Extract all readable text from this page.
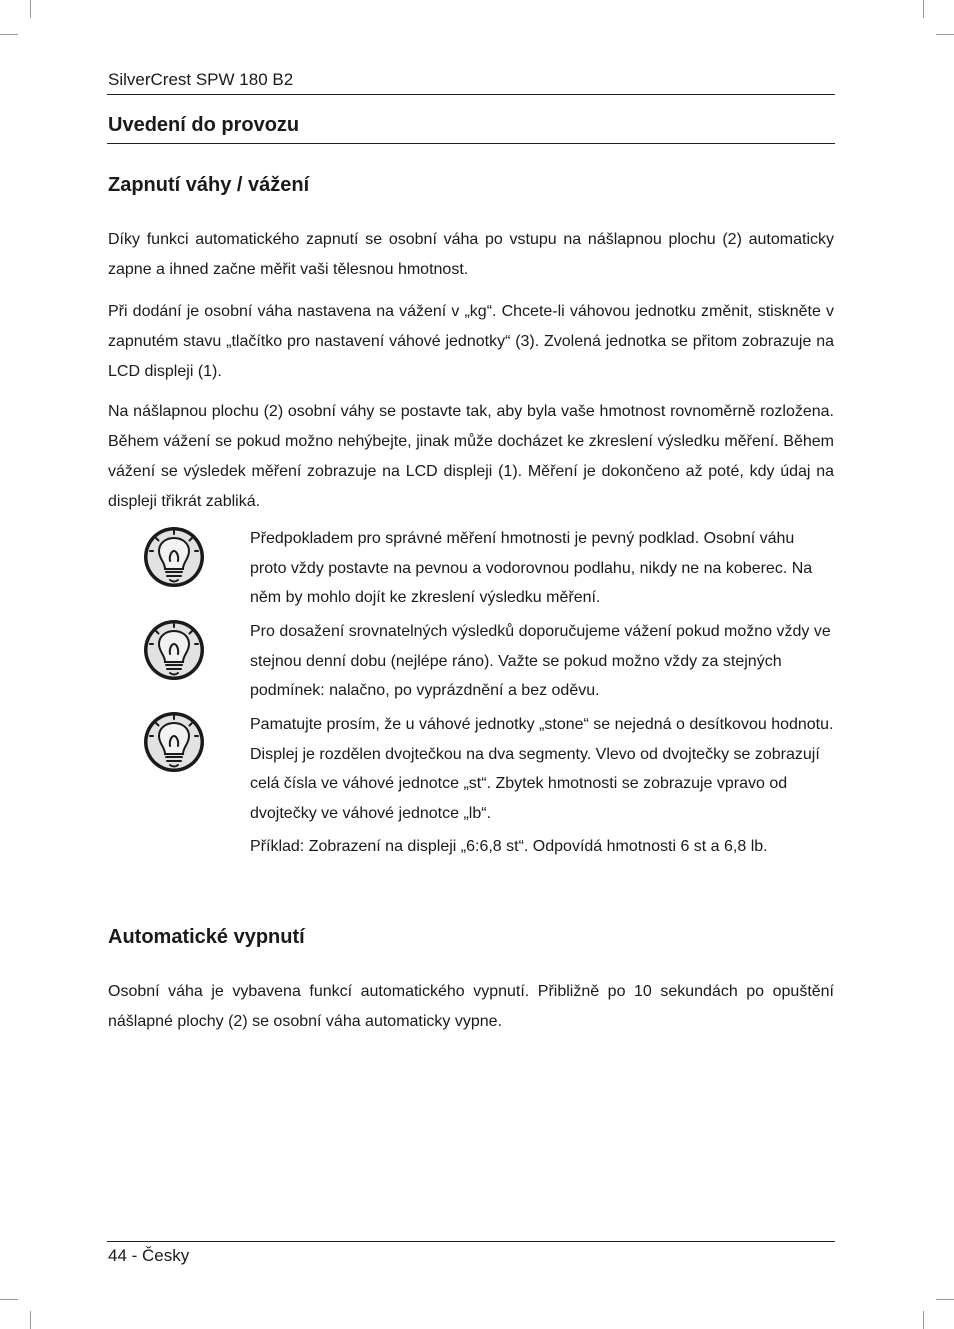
SilverCrest SPW 180 B2
Uvedení do provozu
Zapnutí váhy / vážení

Díky funkci automatického zapnutí se osobní váha po vstupu na nášlapnou plochu (2) automaticky zapne a ihned začne měřit vaši tělesnou hmotnost.

Při dodání je osobní váha nastavena na vážení v „kg“. Chcete-li váhovou jednotku změnit, stiskněte v zapnutém stavu „tlačítko pro nastavení váhové jednotky“ (3). Zvolená jednotka se přitom zobrazuje na LCD displeji (1).

Na nášlapnou plochu (2) osobní váhy se postavte tak, aby byla vaše hmotnost rovnoměrně rozložena. Během vážení se pokud možno nehýbejte, jinak může docházet ke zkreslení výsledku měření. Během vážení se výsledek měření zobrazuje na LCD displeji (1). Měření je dokončeno až poté, kdy údaj na displeji třikrát zabliká.

Předpokladem pro správné měření hmotnosti je pevný podklad. Osobní váhu proto vždy postavte na pevnou a vodorovnou podlahu, nikdy ne na koberec. Na něm by mohlo dojít ke zkreslení výsledku měření.

Pro dosažení srovnatelných výsledků doporučujeme vážení pokud možno vždy ve stejnou denní dobu (nejlépe ráno). Važte se pokud možno vždy za stejných podmínek: nalačno, po vyprázdnění a bez oděvu.

Pamatujte prosím, že u váhové jednotky „stone“ se nejedná o desítkovou hodnotu. Displej je rozdělen dvojtečkou na dva segmenty. Vlevo od dvojtečky se zobrazují celá čísla ve váhové jednotce „st“. Zbytek hmotnosti se zobrazuje vpravo od dvojtečky ve váhové jednotce „lb“.

Příklad: Zobrazení na displeji „6:6,8 st“. Odpovídá hmotnosti 6 st a 6,8 lb.

Automatické vypnutí

Osobní váha je vybavena funkcí automatického vypnutí. Přibližně po 10 sekundách po opuštění nášlapné plochy (2) se osobní váha automaticky vypne.

44 - Česky
